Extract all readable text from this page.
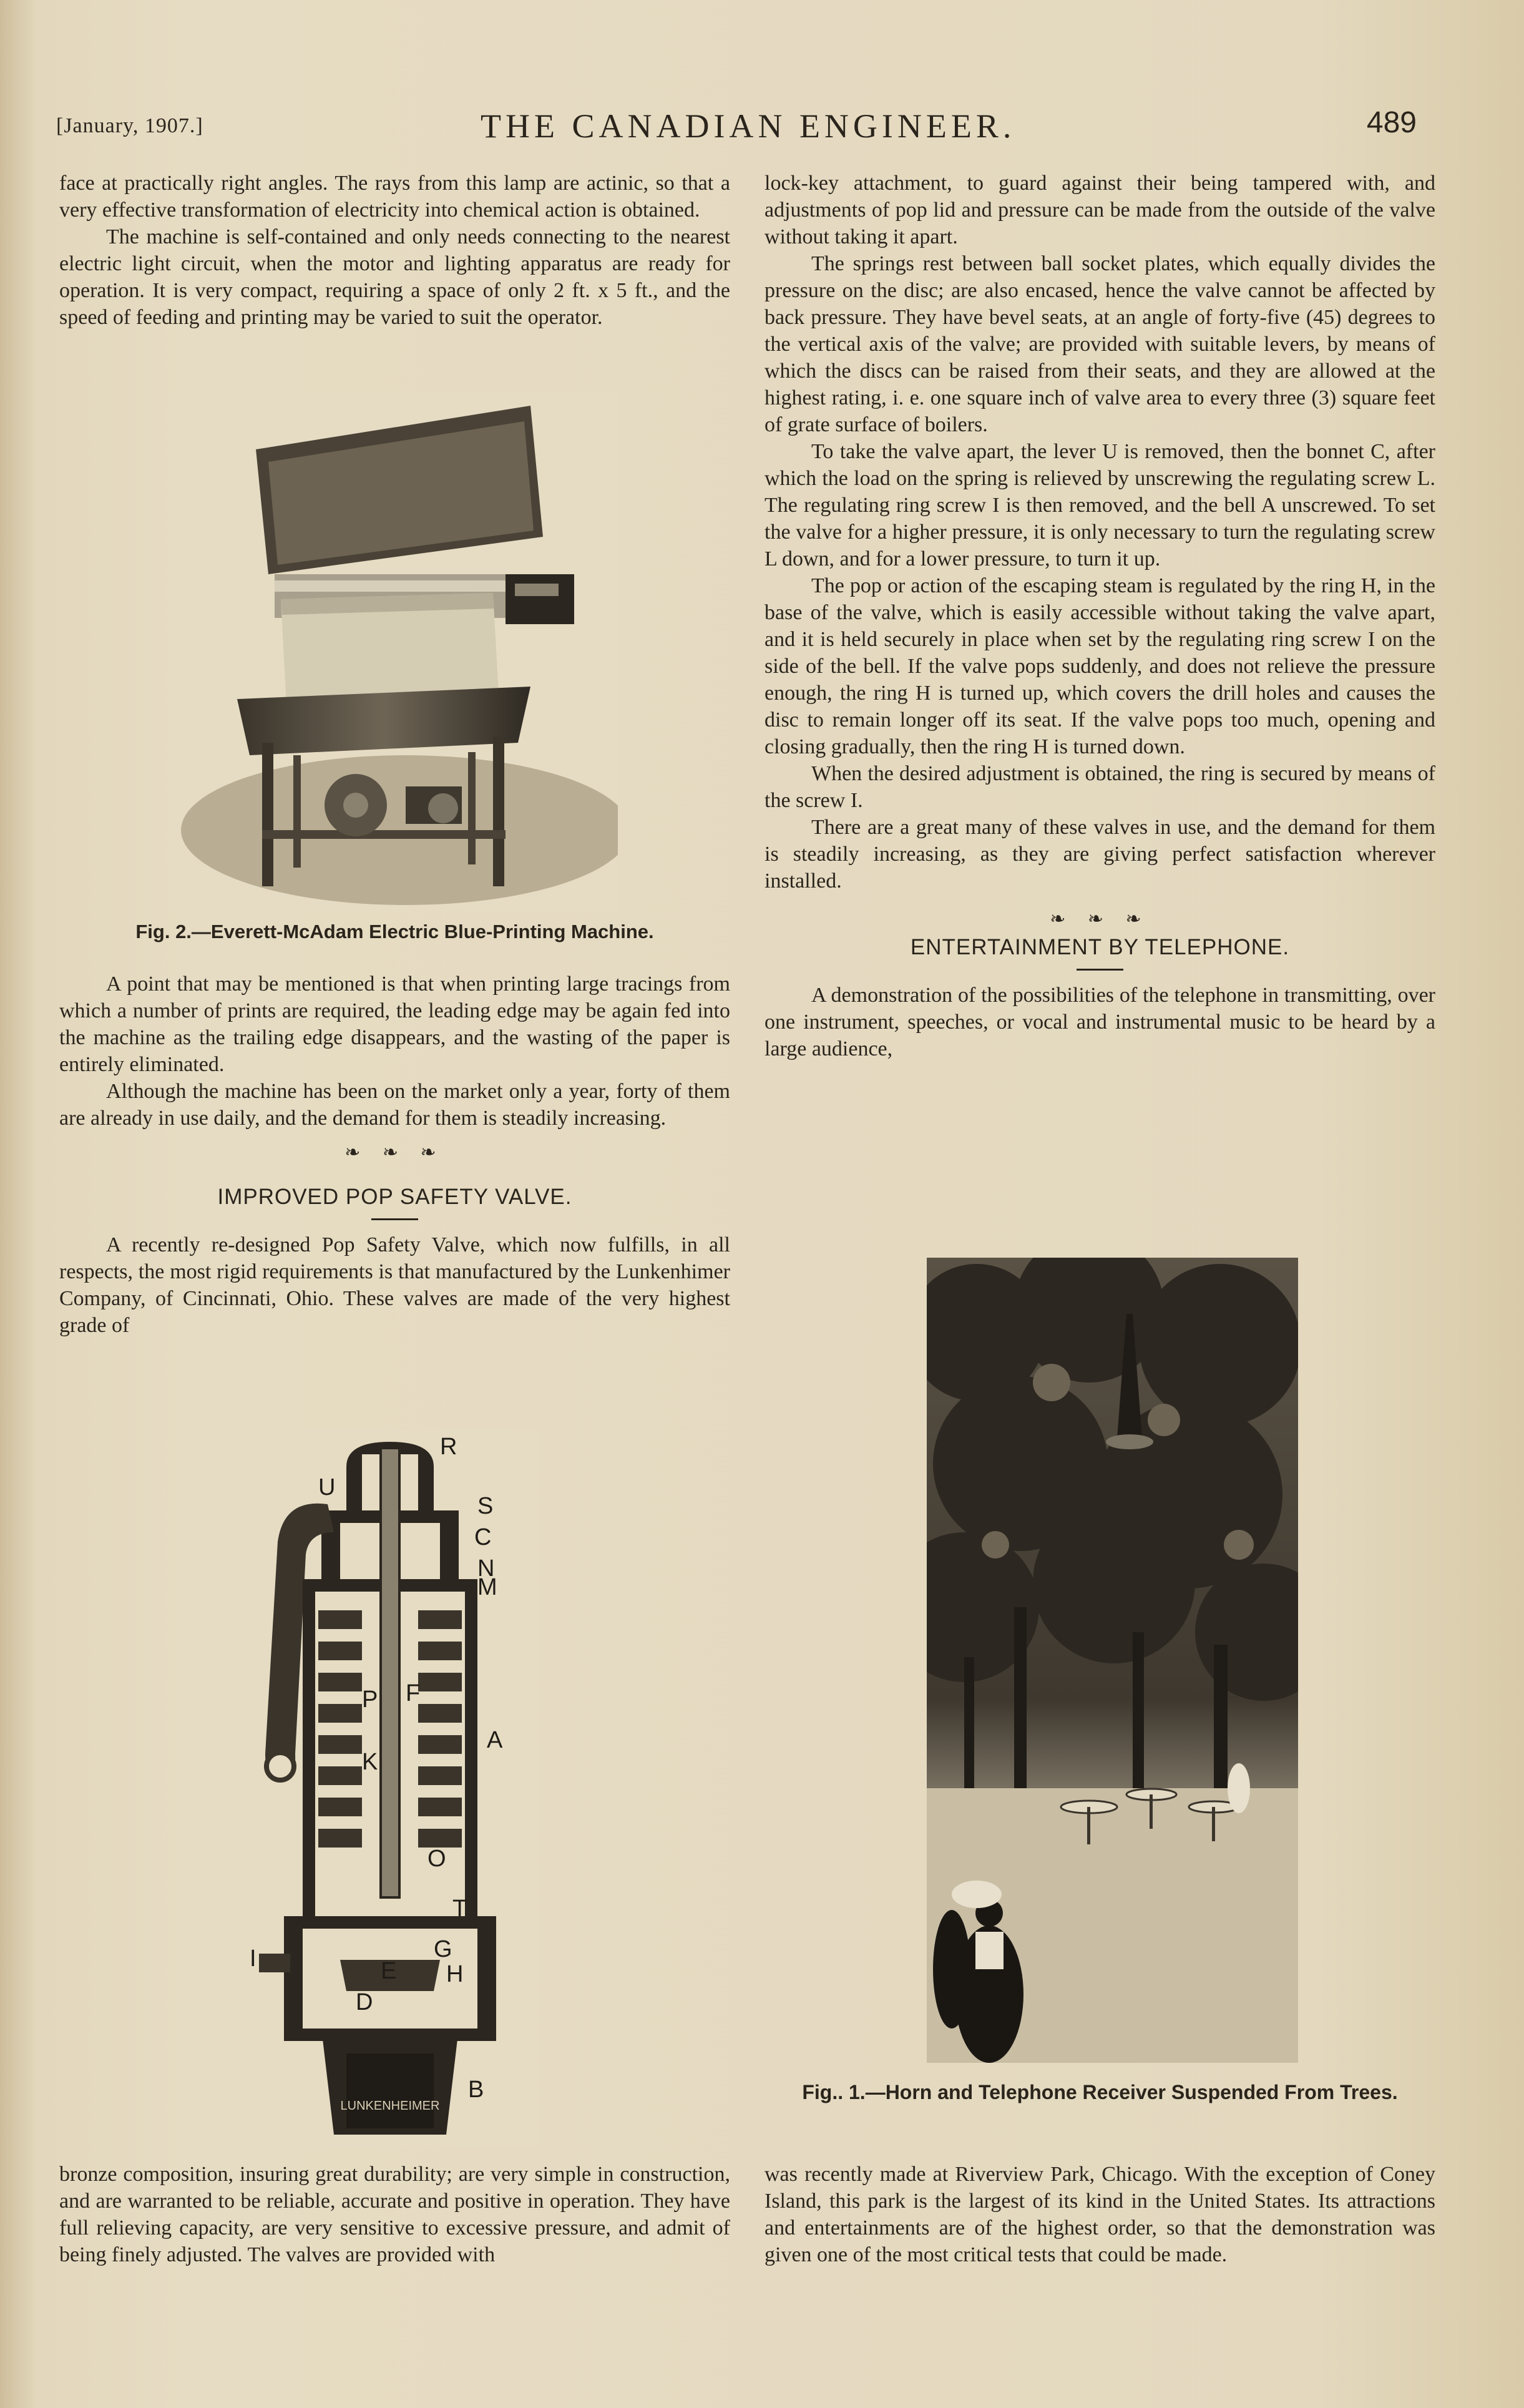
[January, 1907.]	THE CANADIAN ENGINEER.	489

face at practically right angles. The rays from this lamp are actinic, so that a very effective transformation of electricity into chemical action is obtained.

The machine is self-contained and only needs connecting to the nearest electric light circuit, when the motor and lighting apparatus are ready for operation. It is very compact, requiring a space of only 2 ft. x 5 ft., and the speed of feeding and printing may be varied to suit the operator.

Fig. 2.—Everett-McAdam Electric Blue-Printing Machine.

A point that may be mentioned is that when printing large tracings from which a number of prints are required, the leading edge may be again fed into the machine as the trailing edge disappears, and the wasting of the paper is entirely eliminated.

Although the machine has been on the market only a year, forty of them are already in use daily, and the demand for them is steadily increasing.

❧ ❧ ❧

IMPROVED POP SAFETY VALVE.

A recently re-designed Pop Safety Valve, which now fulfills, in all respects, the most rigid requirements is that manufactured by the Lunkenhimer Company, of Cincinnati, Ohio. These valves are made of the very highest grade of

LUNKENHEIMER
R
S
C
N
M
U
P F
A
K
O
T
I	E
G
H
D
B

bronze composition, insuring great durability; are very simple in construction, and are warranted to be reliable, accurate and positive in operation. They have full relieving capacity, are very sensitive to excessive pressure, and admit of being finely adjusted. The valves are provided with

lock-key attachment, to guard against their being tampered with, and adjustments of pop lid and pressure can be made from the outside of the valve without taking it apart.

The springs rest between ball socket plates, which equally divides the pressure on the disc; are also encased, hence the valve cannot be affected by back pressure. They have bevel seats, at an angle of forty-five (45) degrees to the vertical axis of the valve; are provided with suitable levers, by means of which the discs can be raised from their seats, and they are allowed at the highest rating, i. e. one square inch of valve area to every three (3) square feet of grate surface of boilers.

To take the valve apart, the lever U is removed, then the bonnet C, after which the load on the spring is relieved by unscrewing the regulating screw L. The regulating ring screw I is then removed, and the bell A unscrewed. To set the valve for a higher pressure, it is only necessary to turn the regulating screw L down, and for a lower pressure, to turn it up.

The pop or action of the escaping steam is regulated by the ring H, in the base of the valve, which is easily accessible without taking the valve apart, and it is held securely in place when set by the regulating ring screw I on the side of the bell. If the valve pops suddenly, and does not relieve the pressure enough, the ring H is turned up, which covers the drill holes and causes the disc to remain longer off its seat. If the valve pops too much, opening and closing gradually, then the ring H is turned down.

When the desired adjustment is obtained, the ring is secured by means of the screw I.

There are a great many of these valves in use, and the demand for them is steadily increasing, as they are giving perfect satisfaction wherever installed.

❧ ❧ ❧

ENTERTAINMENT BY TELEPHONE.

A demonstration of the possibilities of the telephone in transmitting, over one instrument, speeches, or vocal and instrumental music to be heard by a large audience,

Fig.. 1.—Horn and Telephone Receiver Suspended From Trees.

was recently made at Riverview Park, Chicago. With the exception of Coney Island, this park is the largest of its kind in the United States. Its attractions and entertainments are of the highest order, so that the demonstration was given one of the most critical tests that could be made.
